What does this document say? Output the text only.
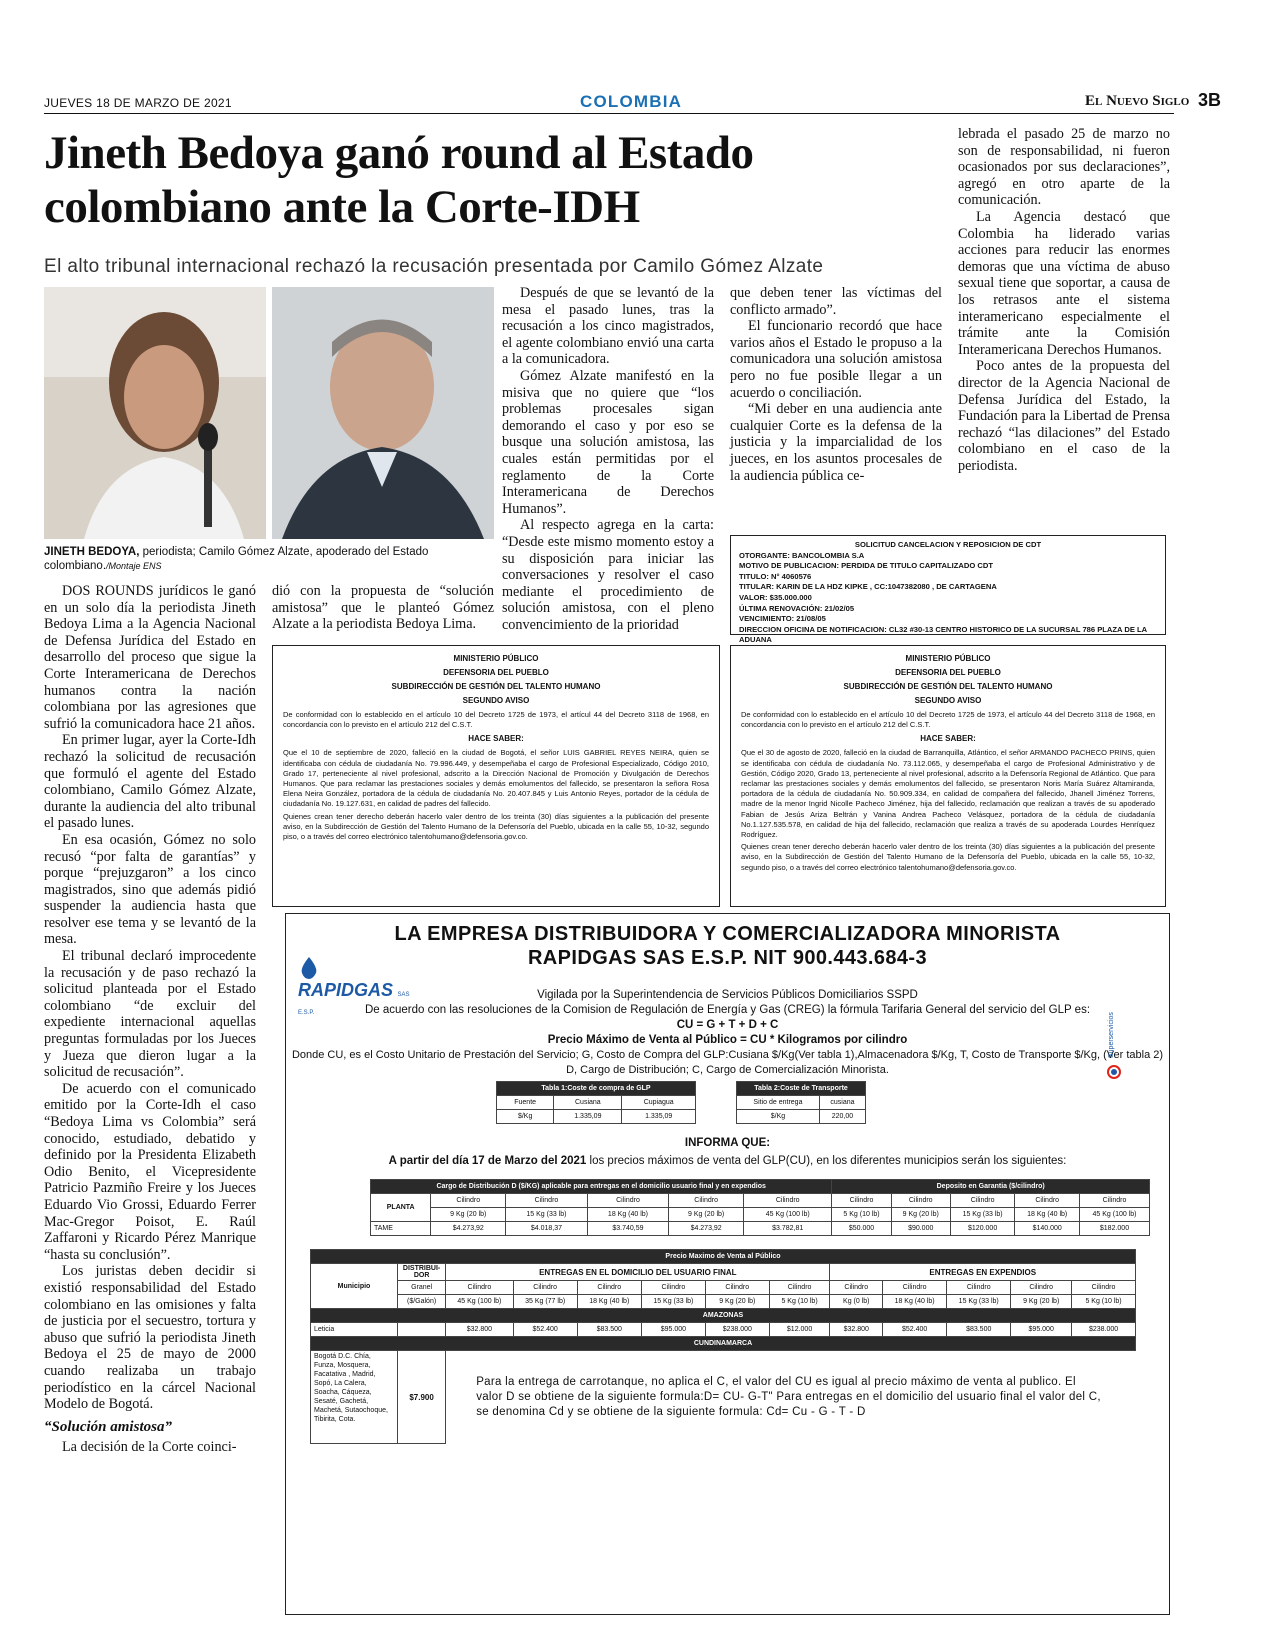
JUEVES 18 DE MARZO DE 2021	COLOMBIA	El Nuevo Siglo 3B
Jineth Bedoya ganó round al Estado
colombiano ante la Corte-IDH
El alto tribunal internacional rechazó la recusación presentada por Camilo Gómez Alzate
JINETH BEDOYA, periodista; Camilo Gómez Alzate, apoderado del Estado colombiano./Montaje ENS

DOS ROUNDS jurídicos le ganó en un solo día la periodista Jineth Bedoya Lima a la Agencia Nacional de Defensa Jurídica del Estado en desarrollo del proceso que sigue la Corte Interamericana de Derechos humanos contra la nación colombiana por las agresiones que sufrió la comunicadora hace 21 años.

En primer lugar, ayer la Corte-Idh rechazó la solicitud de recusación que formuló el agente del Estado colombiano, Camilo Gómez Alzate, durante la audiencia del alto tribunal el pasado lunes.

En esa ocasión, Gómez no solo recusó “por falta de garantías” y porque “prejuzgaron” a los cinco magistrados, sino que además pidió suspender la audiencia hasta que resolver ese tema y se levantó de la mesa.

El tribunal declaró improcedente la recusación y de paso rechazó la solicitud planteada por el Estado colombiano “de excluir del expediente internacional aquellas preguntas formuladas por los Jueces y Jueza que dieron lugar a la solicitud de recusación”.

De acuerdo con el comunicado emitido por la Corte-Idh el caso “Bedoya Lima vs Colombia” será conocido, estudiado, debatido y definido por la Presidenta Elizabeth Odio Benito, el Vicepresidente Patricio Pazmiño Freire y los Jueces Eduardo Vio Grossi, Eduardo Ferrer Mac-Gregor Poisot, E. Raúl Zaffaroni y Ricardo Pérez Manrique “hasta su conclusión”.

Los juristas deben decidir si existió responsabilidad del Estado colombiano en las omisiones y falta de justicia por el secuestro, tortura y abuso que sufrió la periodista Jineth Bedoya el 25 de mayo de 2000 cuando realizaba un trabajo periodístico en la cárcel Nacional Modelo de Bogotá.

“Solución amistosa”

La decisión de la Corte coinci-

dió con la propuesta de “solución amistosa” que le planteó Gómez Alzate a la periodista Bedoya Lima.

Después de que se levantó de la mesa el pasado lunes, tras la recusación a los cinco magistrados, el agente colombiano envió una carta a la comunicadora.

Gómez Alzate manifestó en la misiva que no quiere que “los problemas procesales sigan demorando el caso y por eso se busque una solución amistosa, las cuales están permitidas por el reglamento de la Corte Interamericana de Derechos Humanos”.

Al respecto agrega en la carta: “Desde este mismo momento estoy a su disposición para iniciar las conversaciones y resolver el caso mediante el procedimiento de solución amistosa, con el pleno convencimiento de la prioridad

que deben tener las víctimas del conflicto armado”.

El funcionario recordó que hace varios años el Estado le propuso a la comunicadora una solución amistosa pero no fue posible llegar a un acuerdo o conciliación.

“Mi deber en una audiencia ante cualquier Corte es la defensa de la justicia y la imparcialidad de los jueces, en los asuntos procesales de la audiencia pública ce-

lebrada el pasado 25 de marzo no son de responsabilidad, ni fueron ocasionados por sus declaraciones”, agregó en otro aparte de la comunicación.

La Agencia destacó que Colombia ha liderado varias acciones para reducir las enormes demoras que una víctima de abuso sexual tiene que soportar, a causa de los retrasos ante el sistema interamericano especialmente el trámite ante la Comisión Interamericana Derechos Humanos.

Poco antes de la propuesta del director de la Agencia Nacional de Defensa Jurídica del Estado, la Fundación para la Libertad de Prensa rechazó “las dilaciones” del Estado colombiano en el caso de la periodista.

SOLICITUD CANCELACION Y REPOSICION DE CDT
OTORGANTE: BANCOLOMBIA S.A
MOTIVO DE PUBLICACION: PERDIDA DE TITULO CAPITALIZADO CDT
TITULO: N° 4060576
TITULAR: KARIN DE LA HDZ KIPKE , CC:1047382080 , DE CARTAGENA
VALOR: $35.000.000
ÚLTIMA RENOVACIÓN: 21/02/05
VENCIMIENTO: 21/08/05
DIRECCION OFICINA DE NOTIFICACION: CL32 #30-13 CENTRO HISTORICO DE LA SUCURSAL 786 PLAZA DE LA ADUANA
MINISTERIO PÚBLICO
DEFENSORIA DEL PUEBLO
SUBDIRECCIÓN DE GESTIÓN DEL TALENTO HUMANO
SEGUNDO AVISO

De conformidad con lo establecido en el artículo 10 del Decreto 1725 de 1973, el artícul 44 del Decreto 3118 de 1968, en concordancia con lo previsto en el artículo 212 del C.S.T.

HACE SABER:

Que el 10 de septiembre de 2020, falleció en la ciudad de Bogotá, el señor LUIS GABRIEL REYES NEIRA, quien se identificaba con cédula de ciudadanía No. 79.996.449, y desempeñaba el cargo de Profesional Especializado, Código 2010, Grado 17, perteneciente al nivel profesional, adscrito a la Dirección Nacional de Promoción y Divulgación de Derechos Humanos. Que para reclamar las prestaciones sociales y demás emolumentos del fallecido, se presentaron la señora Rosa Elena Neira González, portadora de la cédula de ciudadanía No. 20.407.845 y Luis Antonio Reyes, portador de la cédula de ciudadanía No. 19.127.631, en calidad de padres del fallecido.

Quienes crean tener derecho deberán hacerlo valer dentro de los treinta (30) días siguientes a la publicación del presente aviso, en la Subdirección de Gestión del Talento Humano de la Defensoría del Pueblo, ubicada en la calle 55, 10-32, segundo piso, o a través del correo electrónico talentohumano@defensoria.gov.co.

MINISTERIO PÚBLICO
DEFENSORIA DEL PUEBLO
SUBDIRECCIÓN DE GESTIÓN DEL TALENTO HUMANO
SEGUNDO AVISO

De conformidad con lo establecido en el artículo 10 del Decreto 1725 de 1973, el artículo 44 del Decreto 3118 de 1968, en concordancia con lo previsto en el artículo 212 del C.S.T.

HACE SABER:

Que el 30 de agosto de 2020, falleció en la ciudad de Barranquilla, Atlántico, el señor ARMANDO PACHECO PRINS, quien se identificaba con cédula de ciudadanía No. 73.112.065, y desempeñaba el cargo de Profesional Administrativo y de Gestión, Código 2020, Grado 13, perteneciente al nivel profesional, adscrito a la Defensoría Regional de Atlántico. Que para reclamar las prestaciones sociales y demás emolumentos del fallecido, se presentaron Noris María Suárez Altamiranda, portadora de la cédula de ciudadanía No. 50.909.334, en calidad de compañera del fallecido, Jhanell Jiménez Torrens, madre de la menor Ingrid Nicolle Pacheco Jiménez, hija del fallecido, reclamación que realizan a través de su apoderado Fabian de Jesús Ariza Beltrán y Vanina Andrea Pacheco Velásquez, portadora de la cédula de ciudadanía No.1.127.535.578, en calidad de hija del fallecido, reclamación que realiza a través de su apoderada Lourdes Henríquez Rodríguez.

Quienes crean tener derecho deberán hacerlo valer dentro de los treinta (30) días siguientes a la publicación del presente aviso, en la Subdirección de Gestión del Talento Humano de la Defensoría del Pueblo, ubicada en la calle 55, 10-32, segundo piso, o a través del correo electrónico talentohumano@defensoria.gov.co.

LA EMPRESA DISTRIBUIDORA Y COMERCIALIZADORA MINORISTA
RAPIDGAS SAS E.S.P. NIT 900.443.684-3
RAPIDGAS SAS E.S.P.	Superservicios
Vigilada por la Superintendencia de Servicios Públicos Domiciliarios SSPD
De acuerdo con las resoluciones de la Comision de Regulación de Energía y Gas (CREG) la fórmula Tarifaria General del servicio del GLP es:
CU = G + T + D + C
Precio Máximo de Venta al Público = CU * Kilogramos por cilindro
Donde CU, es el Costo Unitario de Prestación del Servicio; G, Costo de Compra del GLP:Cusiana $/Kg(Ver tabla 1),Almacenadora $/Kg, T, Costo de Transporte $/Kg, (Ver tabla 2)
D, Cargo de Distribución; C, Cargo de Comercialización Minorista.
Tabla 1:Coste de compra de GLP		
Fuente	Cusiana	Cupiagua
$/Kg	1.335,09	1.335,09
Tabla 2:Coste de Transporte	
Sitio de entrega	cusiana
$/Kg	220,00
INFORMA QUE:
A partir del día 17 de Marzo del 2021 los precios máximos de venta del GLP(CU), en los diferentes municipios serán los siguientes:
Cargo de Distribución D ($/KG) aplicable para entregas en el domicilio usuario final y en expendios						Deposito en Garantia ($/cilindro)				
PLANTA	Cilindro	Cilindro	Cilindro	Cilindro	Cilindro	Cilindro	Cilindro	Cilindro	Cilindro	Cilindro
	9 Kg (20 lb)	15 Kg (33 lb)	18 Kg (40 lb)	9 Kg (20 lb)	45 Kg (100 lb)	5 Kg (10 lb)	9 Kg (20 lb)	15 Kg (33 lb)	18 Kg (40 lb)	45 Kg (100 lb)
TAME	$4.273,92	$4.018,37	$3.740,59	$4.273,92	$3.782,81	$50.000	$90.000	$120.000	$140.000	$182.000
Precio Maximo de Venta al Público												
Municipio	DISTRIBUI-DOR	ENTREGAS EN EL DOMICILIO DEL USUARIO FINAL						ENTREGAS EN EXPENDIOS				
	Granel	Cilindro	Cilindro	Cilindro	Cilindro	Cilindro	Cilindro	Cilindro	Cilindro	Cilindro	Cilindro	Cilindro
	($/Galón)	45 Kg (100 lb)	35 Kg (77 lb)	18 Kg (40 lb)	15 Kg (33 lb)	9 Kg (20 lb)	5 Kg (10 lb)	Kg (0 lb)	18 Kg (40 lb)	15 Kg (33 lb)	9 Kg (20 lb)	5 Kg (10 lb)
AMAZONAS												
Leticia		$32.800	$52.400	$83.500	$95.000	$238.000	$12.000	$32.800	$52.400	$83.500	$95.000	$238.000
CUNDINAMARCA												
Bogotá D.C. Chía, Funza, Mosquera, Facatativa , Madrid, Sopó, La Calera, Soacha, Cáqueza, Sesaté, Gachetá, Machetá, Sutaochoque, Tibirita, Cota.	$7.900	Para la entrega de carrotanque, no aplica el C, el valor del CU es igual al precio máximo de venta al publico. El valor D se obtiene de la siguiente formula:D= CU- G-T" Para entregas en el domicilio del usuario final el valor del C, se denomina Cd y se obtiene de la siguiente formula: Cd= Cu - G - T - D										
